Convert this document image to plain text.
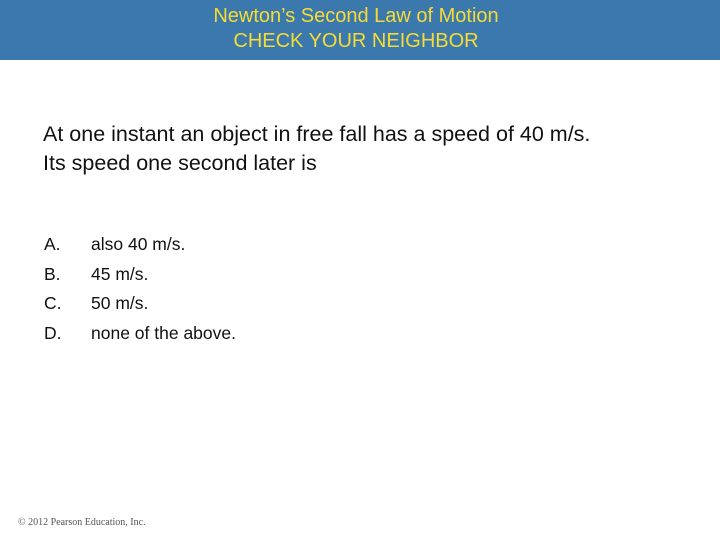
Newton’s Second Law of Motion
CHECK YOUR NEIGHBOR
At one instant an object in free fall has a speed of 40 m/s.
Its speed one second later is
A.	also 40 m/s.
B.	45 m/s.
C.	50 m/s.
D.	none of the above.
© 2012 Pearson Education, Inc.
